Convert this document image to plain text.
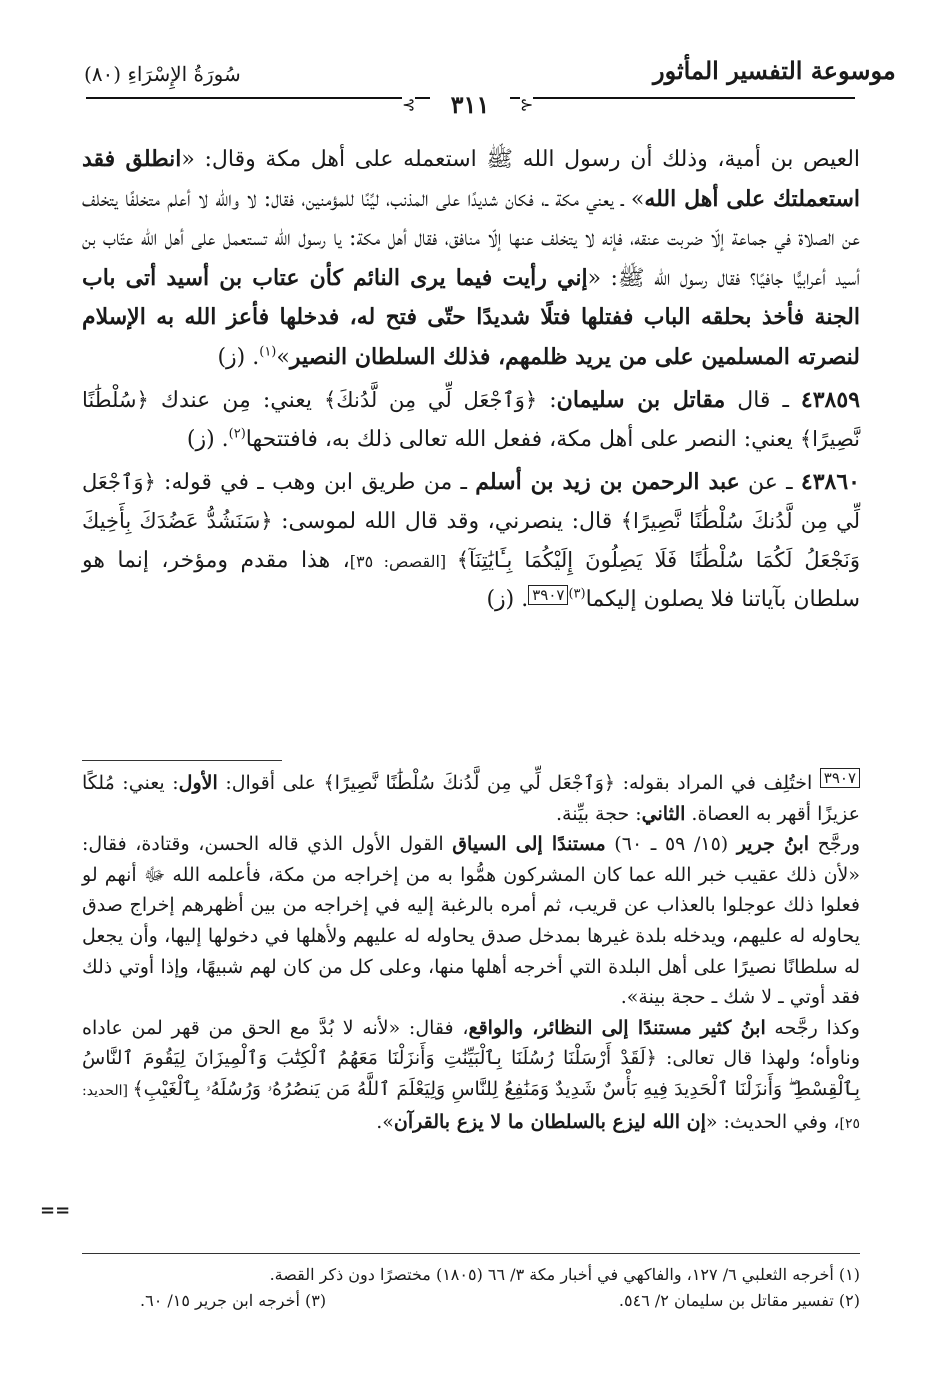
موسوعة التفسير المأثور
سُورَةُ الإِسْرَاءِ (٨٠)
⊰	٣١١	⊱

العيص بن أمية، وذلك أن رسول الله ﷺ استعمله على أهل مكة وقال: «انطلق فقد استعملتك على أهل الله» ـ يعني مكة ـ، فكان شديدًا على المذنب، ليِّنًا للمؤمنين، فقال: لا والله لا أعلم متخلفًا يتخلف عن الصلاة في جماعة إلّا ضربت عنقه، فإنه لا يتخلف عنها إلّا منافق، فقال أهل مكة: يا رسول الله تستعمل على أهل الله عتّاب بن أسيد أعرابيًّا جافيًا؟ فقال رسول الله ﷺ: «إني رأيت فيما يرى النائم كأن عتاب بن أسيد أتى باب الجنة فأخذ بحلقه الباب ففتلها فتلًا شديدًا حتّى فتح له، فدخلها فأعز الله به الإسلام لنصرته المسلمين على من يريد ظلمهم، فذلك السلطان النصير»$^{(١)}$. (ز)

٤٣٨٥٩ ـ قال مقاتل بن سليمان: ﴿وَٱجْعَل لِّي مِن لَّدُنكَ﴾ يعني: مِن عندك ﴿سُلْطَٰنًا نَّصِيرًا﴾ يعني: النصر على أهل مكة، ففعل الله تعالى ذلك به، فافتتحها$^{(٢)}$. (ز)

٤٣٨٦٠ ـ عن عبد الرحمن بن زيد بن أسلم ـ من طريق ابن وهب ـ في قوله: ﴿وَٱجْعَل لِّي مِن لَّدُنكَ سُلْطَٰنًا نَّصِيرًا﴾ قال: ينصرني، وقد قال الله لموسى: ﴿سَنَشُدُّ عَضُدَكَ بِأَخِيكَ وَنَجْعَلُ لَكُمَا سُلْطَٰنًا فَلَا يَصِلُونَ إِلَيْكُمَا بِـَٔايَٰتِنَآ﴾ [القصص: ٣٥]، هذا مقدم ومؤخر، إنما هو سلطان بآياتنا فلا يصلون إليكما$^{(٣)}$٣٩٠٧. (ز)

٣٩٠٧ اختُلِف في المراد بقوله: ﴿وَٱجْعَل لِّي مِن لَّدُنكَ سُلْطَٰنًا نَّصِيرًا﴾ على أقوال: الأول: يعني: مُلكًا عزيزًا أقهر به العصاة. الثاني: حجة بيِّنة.

ورجَّح ابنُ جرير (١٥/ ٥٩ ـ ٦٠) مستندًا إلى السياق القول الأول الذي قاله الحسن، وقتادة، فقال: «لأن ذلك عقيب خبر الله عما كان المشركون همُّوا به من إخراجه من مكة، فأعلمه الله ﷻ أنهم لو فعلوا ذلك عوجلوا بالعذاب عن قريب، ثم أمره بالرغبة إليه في إخراجه من بين أظهرهم إخراج صدق يحاوله له عليهم، ويدخله بلدة غيرها بمدخل صدق يحاوله له عليهم ولأهلها في دخولها إليها، وأن يجعل له سلطانًا نصيرًا على أهل البلدة التي أخرجه أهلها منها، وعلى كل من كان لهم شبيهًا، وإذا أوتي ذلك فقد أوتي ـ لا شك ـ حجة بينة».

وكذا رجَّحه ابنُ كثير مستندًا إلى النظائر، والواقع، فقال: «لأنه لا بُدَّ مع الحق من قهر لمن عاداه وناوأه؛ ولهذا قال تعالى: ﴿لَقَدْ أَرْسَلْنَا رُسُلَنَا بِٱلْبَيِّنَٰتِ وَأَنزَلْنَا مَعَهُمُ ٱلْكِتَٰبَ وَٱلْمِيزَانَ لِيَقُومَ ٱلنَّاسُ بِٱلْقِسْطِ ۖ وَأَنزَلْنَا ٱلْحَدِيدَ فِيهِ بَأْسٌ شَدِيدٌ وَمَنَٰفِعُ لِلنَّاسِ وَلِيَعْلَمَ ٱللَّهُ مَن يَنصُرُهُۥ وَرُسُلَهُۥ بِٱلْغَيْبِ﴾ [الحديد: ٢٥]، وفي الحديث: «إن الله ليزع بالسلطان ما لا يزع بالقرآن».

==

(١) أخرجه الثعلبي ٦/ ١٢٧، والفاكهي في أخبار مكة ٣/ ٦٦ (١٨٠٥) مختصرًا دون ذكر القصة.

(٢) تفسير مقاتل بن سليمان ٢/ ٥٤٦.
(٣) أخرجه ابن جرير ١٥/ ٦٠.
